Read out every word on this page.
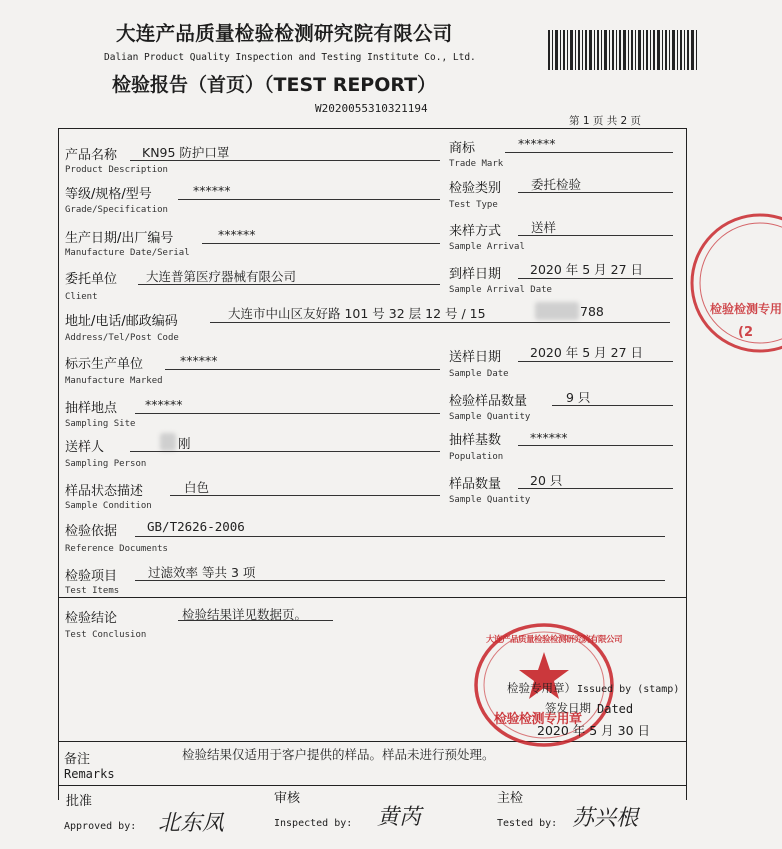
大连产品质量检验检测研究院有限公司
Dalian Product Quality Inspection and Testing Institute Co., Ltd.
检验报告（首页）（TEST REPORT）
W2020055310321194
第 1 页 共 2 页
检验检测专用
(2
产品名称 KN95 防护口罩
Product Description
等级/规格/型号	******
Grade/Specification
生产日期/出厂编号	******
Manufacture Date/Serial
委托单位 大连普第医疗器械有限公司
Client
地址/电话/邮政编码
大连市中山区友好路 101 号 32 层 12 号 / 15	788
Address/Tel/Post Code
标示生产单位	******
Manufacture Marked
抽样地点 ******
Sampling Site
送样人	刚
Sampling Person
样品状态描述	白色
Sample Condition
检验依据 GB/T2626-2006
Reference Documents
检验项目 过滤效率 等共 3 项
Test Items
商标	******
Trade Mark
检验类别 委托检验
Test Type
来样方式 送样
Sample Arrival
到样日期 2020 年 5 月 27 日
Sample Arrival Date
送样日期 2020 年 5 月 27 日
Sample Date
检验样品数量	9 只
Sample Quantity
抽样基数 ******
Population
样品数量 20 只
Sample Quantity
检验结论	检验结果详见数据页。
Test Conclusion	大连产品质量检验检测研究院有限公司
检验检测专用章
检验专用章） Issued by (stamp)
签发日期 Dated
2020 年 5 月 30 日
备注
Remarks
检验结果仅适用于客户提供的样品。样品未进行预处理。
批准
Approved by: 北东凤
审核
Inspected by: 黄芮
主检
Tested by: 苏兴根
